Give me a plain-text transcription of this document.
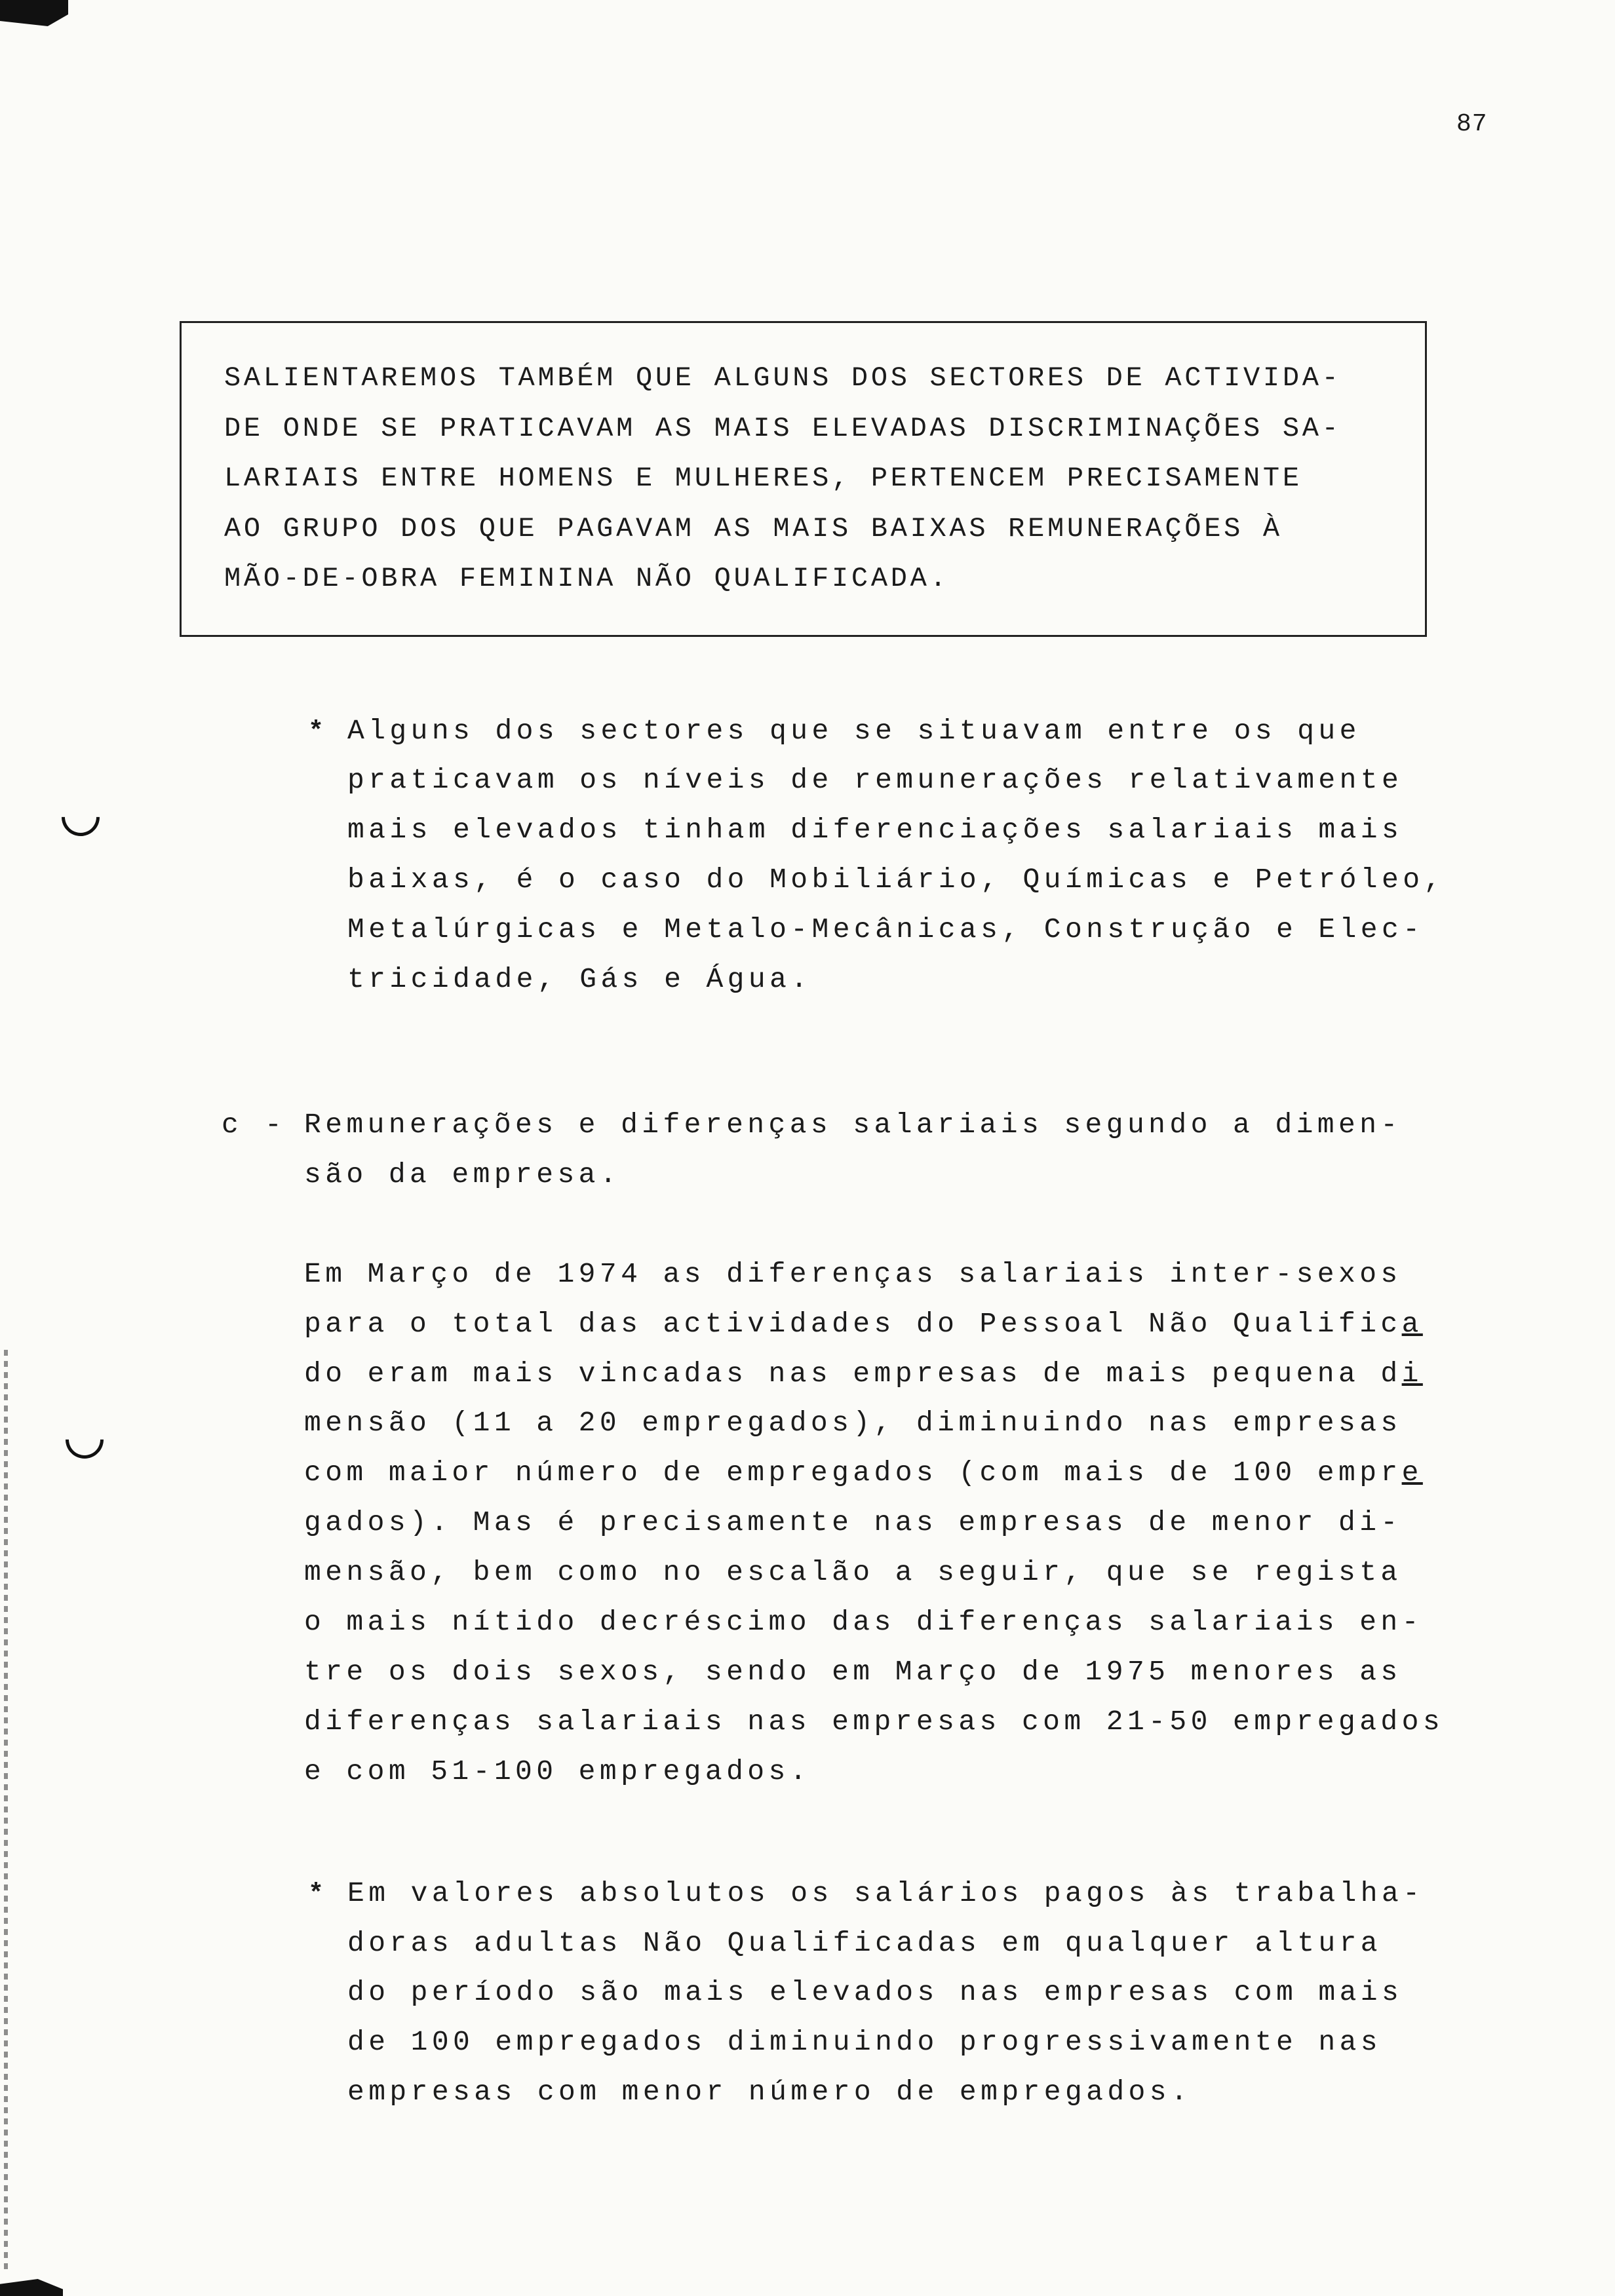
87
SALIENTAREMOS TAMBÉM QUE ALGUNS DOS SECTORES DE ACTIVIDA-
DE ONDE SE PRATICAVAM AS MAIS ELEVADAS DISCRIMINAÇÕES SA-
LARIAIS ENTRE HOMENS E MULHERES, PERTENCEM PRECISAMENTE
AO GRUPO DOS QUE PAGAVAM AS MAIS BAIXAS REMUNERAÇÕES À
MÃO-DE-OBRA FEMININA NÃO QUALIFICADA.
* Alguns dos sectores que se situavam entre os que
praticavam os níveis de remunerações relativamente
mais elevados tinham diferenciações salariais mais
baixas, é o caso do Mobiliário, Químicas e Petróleo,
Metalúrgicas e Metalo-Mecânicas, Construção e Elec-
tricidade, Gás e Água.
c - Remunerações e diferenças salariais segundo a dimen-
são da empresa.
Em Março de 1974 as diferenças salariais inter-sexos
para o total das actividades do Pessoal Não Qualifica
do eram mais vincadas nas empresas de mais pequena di
mensão (11 a 20 empregados), diminuindo nas empresas
com maior número de empregados (com mais de 100 empre
gados). Mas é precisamente nas empresas de menor di-
mensão, bem como no escalão a seguir, que se regista
o mais nítido decréscimo das diferenças salariais en-
tre os dois sexos, sendo em Março de 1975 menores as
diferenças salariais nas empresas com 21-50 empregados
e com 51-100 empregados.
* Em valores absolutos os salários pagos às trabalha-
doras adultas Não Qualificadas em qualquer altura
do período são mais elevados nas empresas com mais
de 100 empregados diminuindo progressivamente nas
empresas com menor número de empregados.
